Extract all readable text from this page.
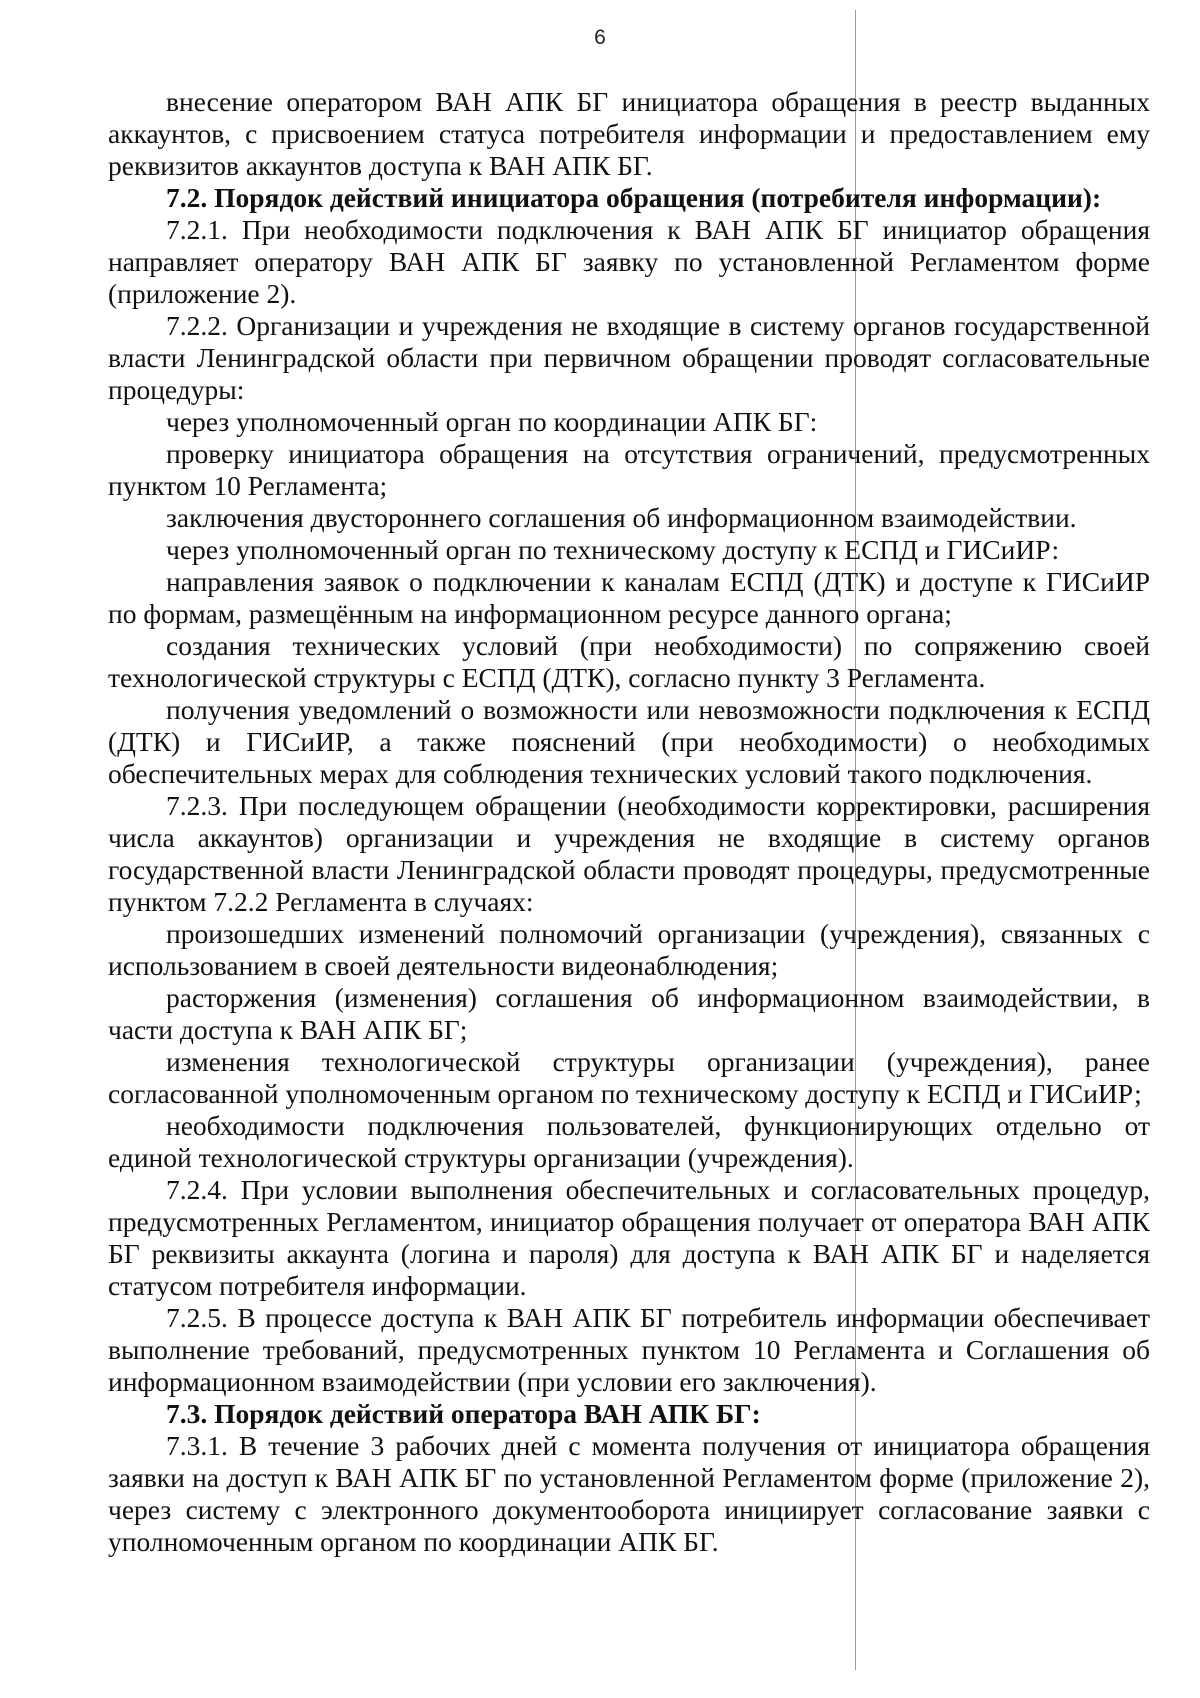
6

внесение оператором ВАН АПК БГ инициатора обращения в реестр выданных аккаунтов, с присвоением статуса потребителя информации и предоставлением ему реквизитов аккаунтов доступа к ВАН АПК БГ.

7.2. Порядок действий инициатора обращения (потребителя информации):

7.2.1. При необходимости подключения к ВАН АПК БГ инициатор обращения направляет оператору ВАН АПК БГ заявку по установленной Регламентом форме (приложение 2).

7.2.2. Организации и учреждения не входящие в систему органов государственной власти Ленинградской области при первичном обращении проводят согласовательные процедуры:

через уполномоченный орган по координации АПК БГ:

проверку инициатора обращения на отсутствия ограничений, предусмотренных пунктом 10 Регламента;

заключения двустороннего соглашения об информационном взаимодействии.

через уполномоченный орган по техническому доступу к ЕСПД и ГИСиИР:

направления заявок о подключении к каналам ЕСПД (ДТК) и доступе к ГИСиИР по формам, размещённым на информационном ресурсе данного органа;

создания технических условий (при необходимости) по сопряжению своей технологической структуры с ЕСПД (ДТК), согласно пункту 3 Регламента.

получения уведомлений о возможности или невозможности подключения к ЕСПД (ДТК) и ГИСиИР, а также пояснений (при необходимости) о необходимых обеспечительных мерах для соблюдения технических условий такого подключения.

7.2.3. При последующем обращении (необходимости корректировки, расширения числа аккаунтов) организации и учреждения не входящие в систему органов государственной власти Ленинградской области проводят процедуры, предусмотренные пунктом 7.2.2 Регламента в случаях:

произошедших изменений полномочий организации (учреждения), связанных с использованием в своей деятельности видеонаблюдения;

расторжения (изменения) соглашения об информационном взаимодействии, в части доступа к ВАН АПК БГ;

изменения технологической структуры организации (учреждения), ранее согласованной уполномоченным органом по техническому доступу к ЕСПД и ГИСиИР;

необходимости подключения пользователей, функционирующих отдельно от единой технологической структуры организации (учреждения).

7.2.4. При условии выполнения обеспечительных и согласовательных процедур, предусмотренных Регламентом, инициатор обращения получает от оператора ВАН АПК БГ реквизиты аккаунта (логина и пароля) для доступа к ВАН АПК БГ и наделяется статусом потребителя информации.

7.2.5. В процессе доступа к ВАН АПК БГ потребитель информации обеспечивает выполнение требований, предусмотренных пунктом 10 Регламента и Соглашения об информационном взаимодействии (при условии его заключения).

7.3. Порядок действий оператора ВАН АПК БГ:

7.3.1. В течение 3 рабочих дней с момента получения от инициатора обращения заявки на доступ к ВАН АПК БГ по установленной Регламентом форме (приложение 2), через систему с электронного документооборота инициирует согласование заявки с уполномоченным органом по координации АПК БГ.
